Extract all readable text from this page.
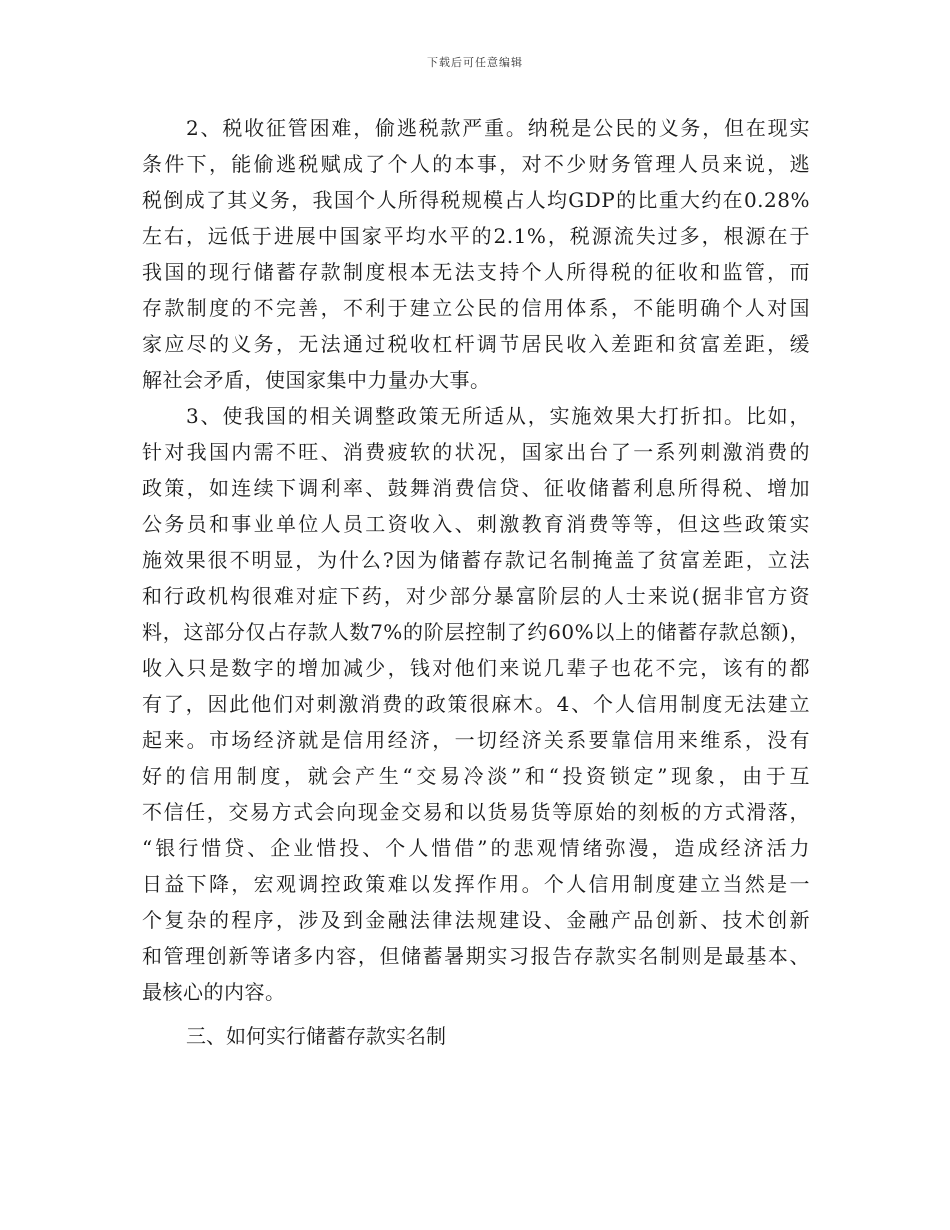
下载后可任意编辑
2、税收征管困难，偷逃税款严重。纳税是公民的义务，但在现实
条件下，能偷逃税赋成了个人的本事，对不少财务管理人员来说，逃
税倒成了其义务，我国个人所得税规模占人均GDP的比重大约在0.28%
左右，远低于进展中国家平均水平的2.1%，税源流失过多，根源在于
我国的现行储蓄存款制度根本无法支持个人所得税的征收和监管，而
存款制度的不完善，不利于建立公民的信用体系，不能明确个人对国
家应尽的义务，无法通过税收杠杆调节居民收入差距和贫富差距，缓
解社会矛盾，使国家集中力量办大事。
3、使我国的相关调整政策无所适从，实施效果大打折扣。比如，
针对我国内需不旺、消费疲软的状况，国家出台了一系列刺激消费的
政策，如连续下调利率、鼓舞消费信贷、征收储蓄利息所得税、增加
公务员和事业单位人员工资收入、刺激教育消费等等，但这些政策实
施效果很不明显，为什么?因为储蓄存款记名制掩盖了贫富差距，立法
和行政机构很难对症下药，对少部分暴富阶层的人士来说(据非官方资
料，这部分仅占存款人数7%的阶层控制了约60%以上的储蓄存款总额)，
收入只是数字的增加减少，钱对他们来说几辈子也花不完，该有的都
有了，因此他们对刺激消费的政策很麻木。4、个人信用制度无法建立
起来。市场经济就是信用经济，一切经济关系要靠信用来维系，没有
好的信用制度，就会产生“交易冷淡”和“投资锁定”现象，由于互
不信任，交易方式会向现金交易和以货易货等原始的刻板的方式滑落，
“银行惜贷、企业惜投、个人惜借”的悲观情绪弥漫，造成经济活力
日益下降，宏观调控政策难以发挥作用。个人信用制度建立当然是一
个复杂的程序，涉及到金融法律法规建设、金融产品创新、技术创新
和管理创新等诸多内容，但储蓄暑期实习报告存款实名制则是最基本、
最核心的内容。
三、如何实行储蓄存款实名制
